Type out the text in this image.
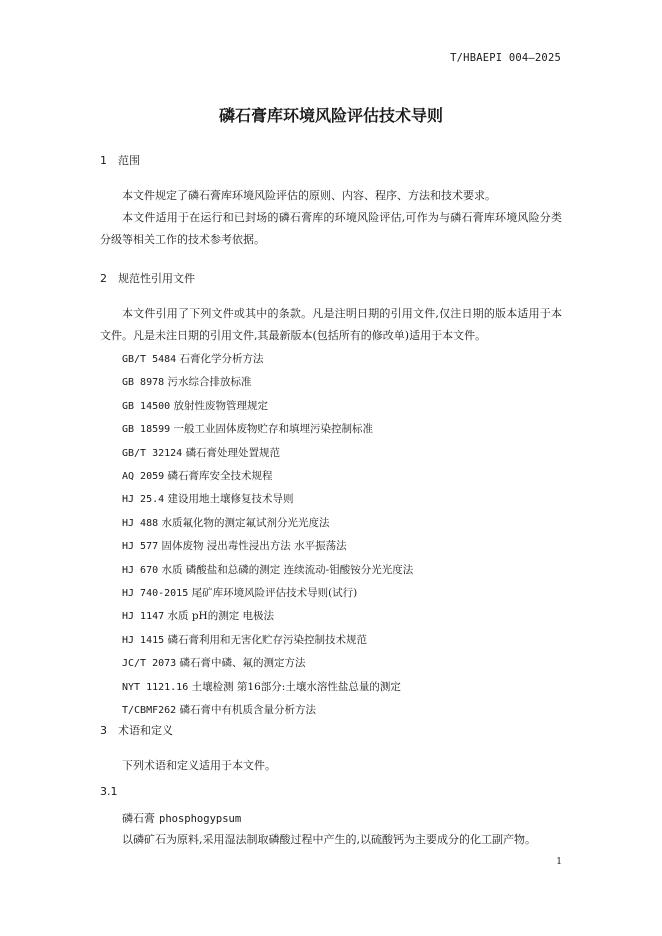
T/HBAEPI 004—2025
磷石膏库环境风险评估技术导则
1 范围

本文件规定了磷石膏库环境风险评估的原则、内容、程序、方法和技术要求。

本文件适用于在运行和已封场的磷石膏库的环境风险评估,可作为与磷石膏库环境风险分类分级等相关工作的技术参考依据。

2 规范性引用文件

本文件引用了下列文件或其中的条款。凡是注明日期的引用文件,仅注日期的版本适用于本文件。凡是未注日期的引用文件,其最新版本(包括所有的修改单)适用于本文件。

GB/T 5484 石膏化学分析方法
GB 8978 污水综合排放标准
GB 14500 放射性废物管理规定
GB 18599 一般工业固体废物贮存和填埋污染控制标准
GB/T 32124 磷石膏处理处置规范
AQ 2059 磷石膏库安全技术规程
HJ 25.4 建设用地土壤修复技术导则
HJ 488 水质氟化物的测定氟试剂分光光度法
HJ 577 固体废物 浸出毒性浸出方法 水平振荡法
HJ 670 水质 磷酸盐和总磷的测定 连续流动-钼酸铵分光光度法
HJ 740-2015 尾矿库环境风险评估技术导则(试行)
HJ 1147 水质 pH的测定 电极法
HJ 1415 磷石膏利用和无害化贮存污染控制技术规范
JC/T 2073 磷石膏中磷、氟的测定方法
NYT 1121.16 土壤检测 第16部分:土壤水溶性盐总量的测定
T/CBMF262 磷石膏中有机质含量分析方法
3 术语和定义

下列术语和定义适用于本文件。

3.1
磷石膏 phosphogypsum
以磷矿石为原料,采用湿法制取磷酸过程中产生的,以硫酸钙为主要成分的化工副产物。
1
